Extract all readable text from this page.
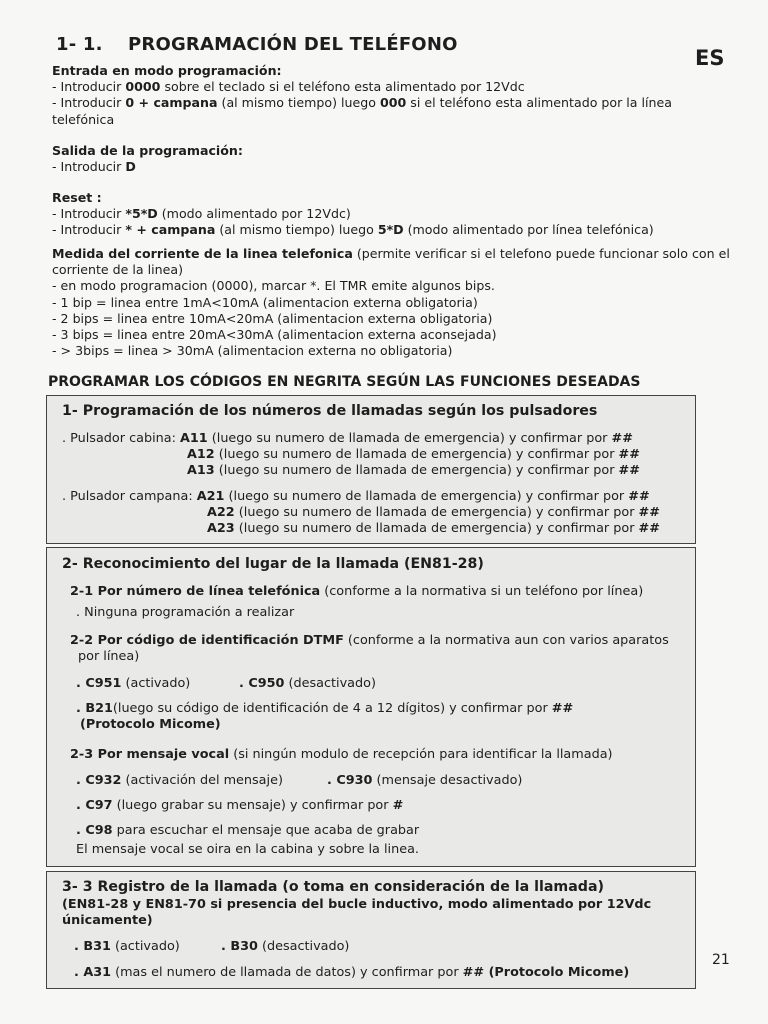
1- 1. PROGRAMACIÓN DEL TELÉFONO
ES
Entrada en modo programación:
- Introducir 0000 sobre el teclado si el teléfono esta alimentado por 12Vdc
- Introducir 0 + campana (al mismo tiempo) luego 000 si el teléfono esta alimentado por la línea telefónica
Salida de la programación:
- Introducir D
Reset :
- Introducir *5*D (modo alimentado por 12Vdc)
- Introducir * + campana (al mismo tiempo) luego 5*D (modo alimentado por línea telefónica)
Medida del corriente de la linea telefonica (permite verificar si el telefono puede funcionar solo con el corriente de la linea)
- en modo programacion (0000), marcar *. El TMR emite algunos bips.
- 1 bip = linea entre 1mA<10mA (alimentacion externa obligatoria)
- 2 bips = linea entre 10mA<20mA (alimentacion externa obligatoria)
- 3 bips = linea entre 20mA<30mA (alimentacion externa aconsejada)
- > 3bips = linea > 30mA (alimentacion externa no obligatoria)
PROGRAMAR LOS CÓDIGOS EN NEGRITA SEGÚN LAS FUNCIONES DESEADAS
1- Programación de los números de llamadas según los pulsadores
. Pulsador cabina: A11 (luego su numero de llamada de emergencia) y confirmar por ##
A12 (luego su numero de llamada de emergencia) y confirmar por ##
A13 (luego su numero de llamada de emergencia) y confirmar por ##
. Pulsador campana: A21 (luego su numero de llamada de emergencia) y confirmar por ##
A22 (luego su numero de llamada de emergencia) y confirmar por ##
A23 (luego su numero de llamada de emergencia) y confirmar por ##
2- Reconocimiento del lugar de la llamada (EN81-28)
2-1 Por número de línea telefónica (conforme a la normativa si un teléfono por línea)
. Ninguna programación a realizar
2-2 Por código de identificación DTMF (conforme a la normativa aun con varios aparatos
por línea)
. C951 (activado)	. C950 (desactivado)
. B21(luego su código de identificación de 4 a 12 dígitos) y confirmar por ##
(Protocolo Micome)
2-3 Por mensaje vocal (si ningún modulo de recepción para identificar la llamada)
. C932 (activación del mensaje)	. C930 (mensaje desactivado)
. C97 (luego grabar su mensaje) y confirmar por #
. C98 para escuchar el mensaje que acaba de grabar
El mensaje vocal se oira en la cabina y sobre la linea.
3- 3 Registro de la llamada (o toma en consideración de la llamada)
(EN81-28 y EN81-70 si presencia del bucle inductivo, modo alimentado por 12Vdc
únicamente)
. B31 (activado)	. B30 (desactivado)
. A31 (mas el numero de llamada de datos) y confirmar por ## (Protocolo Micome)
21
